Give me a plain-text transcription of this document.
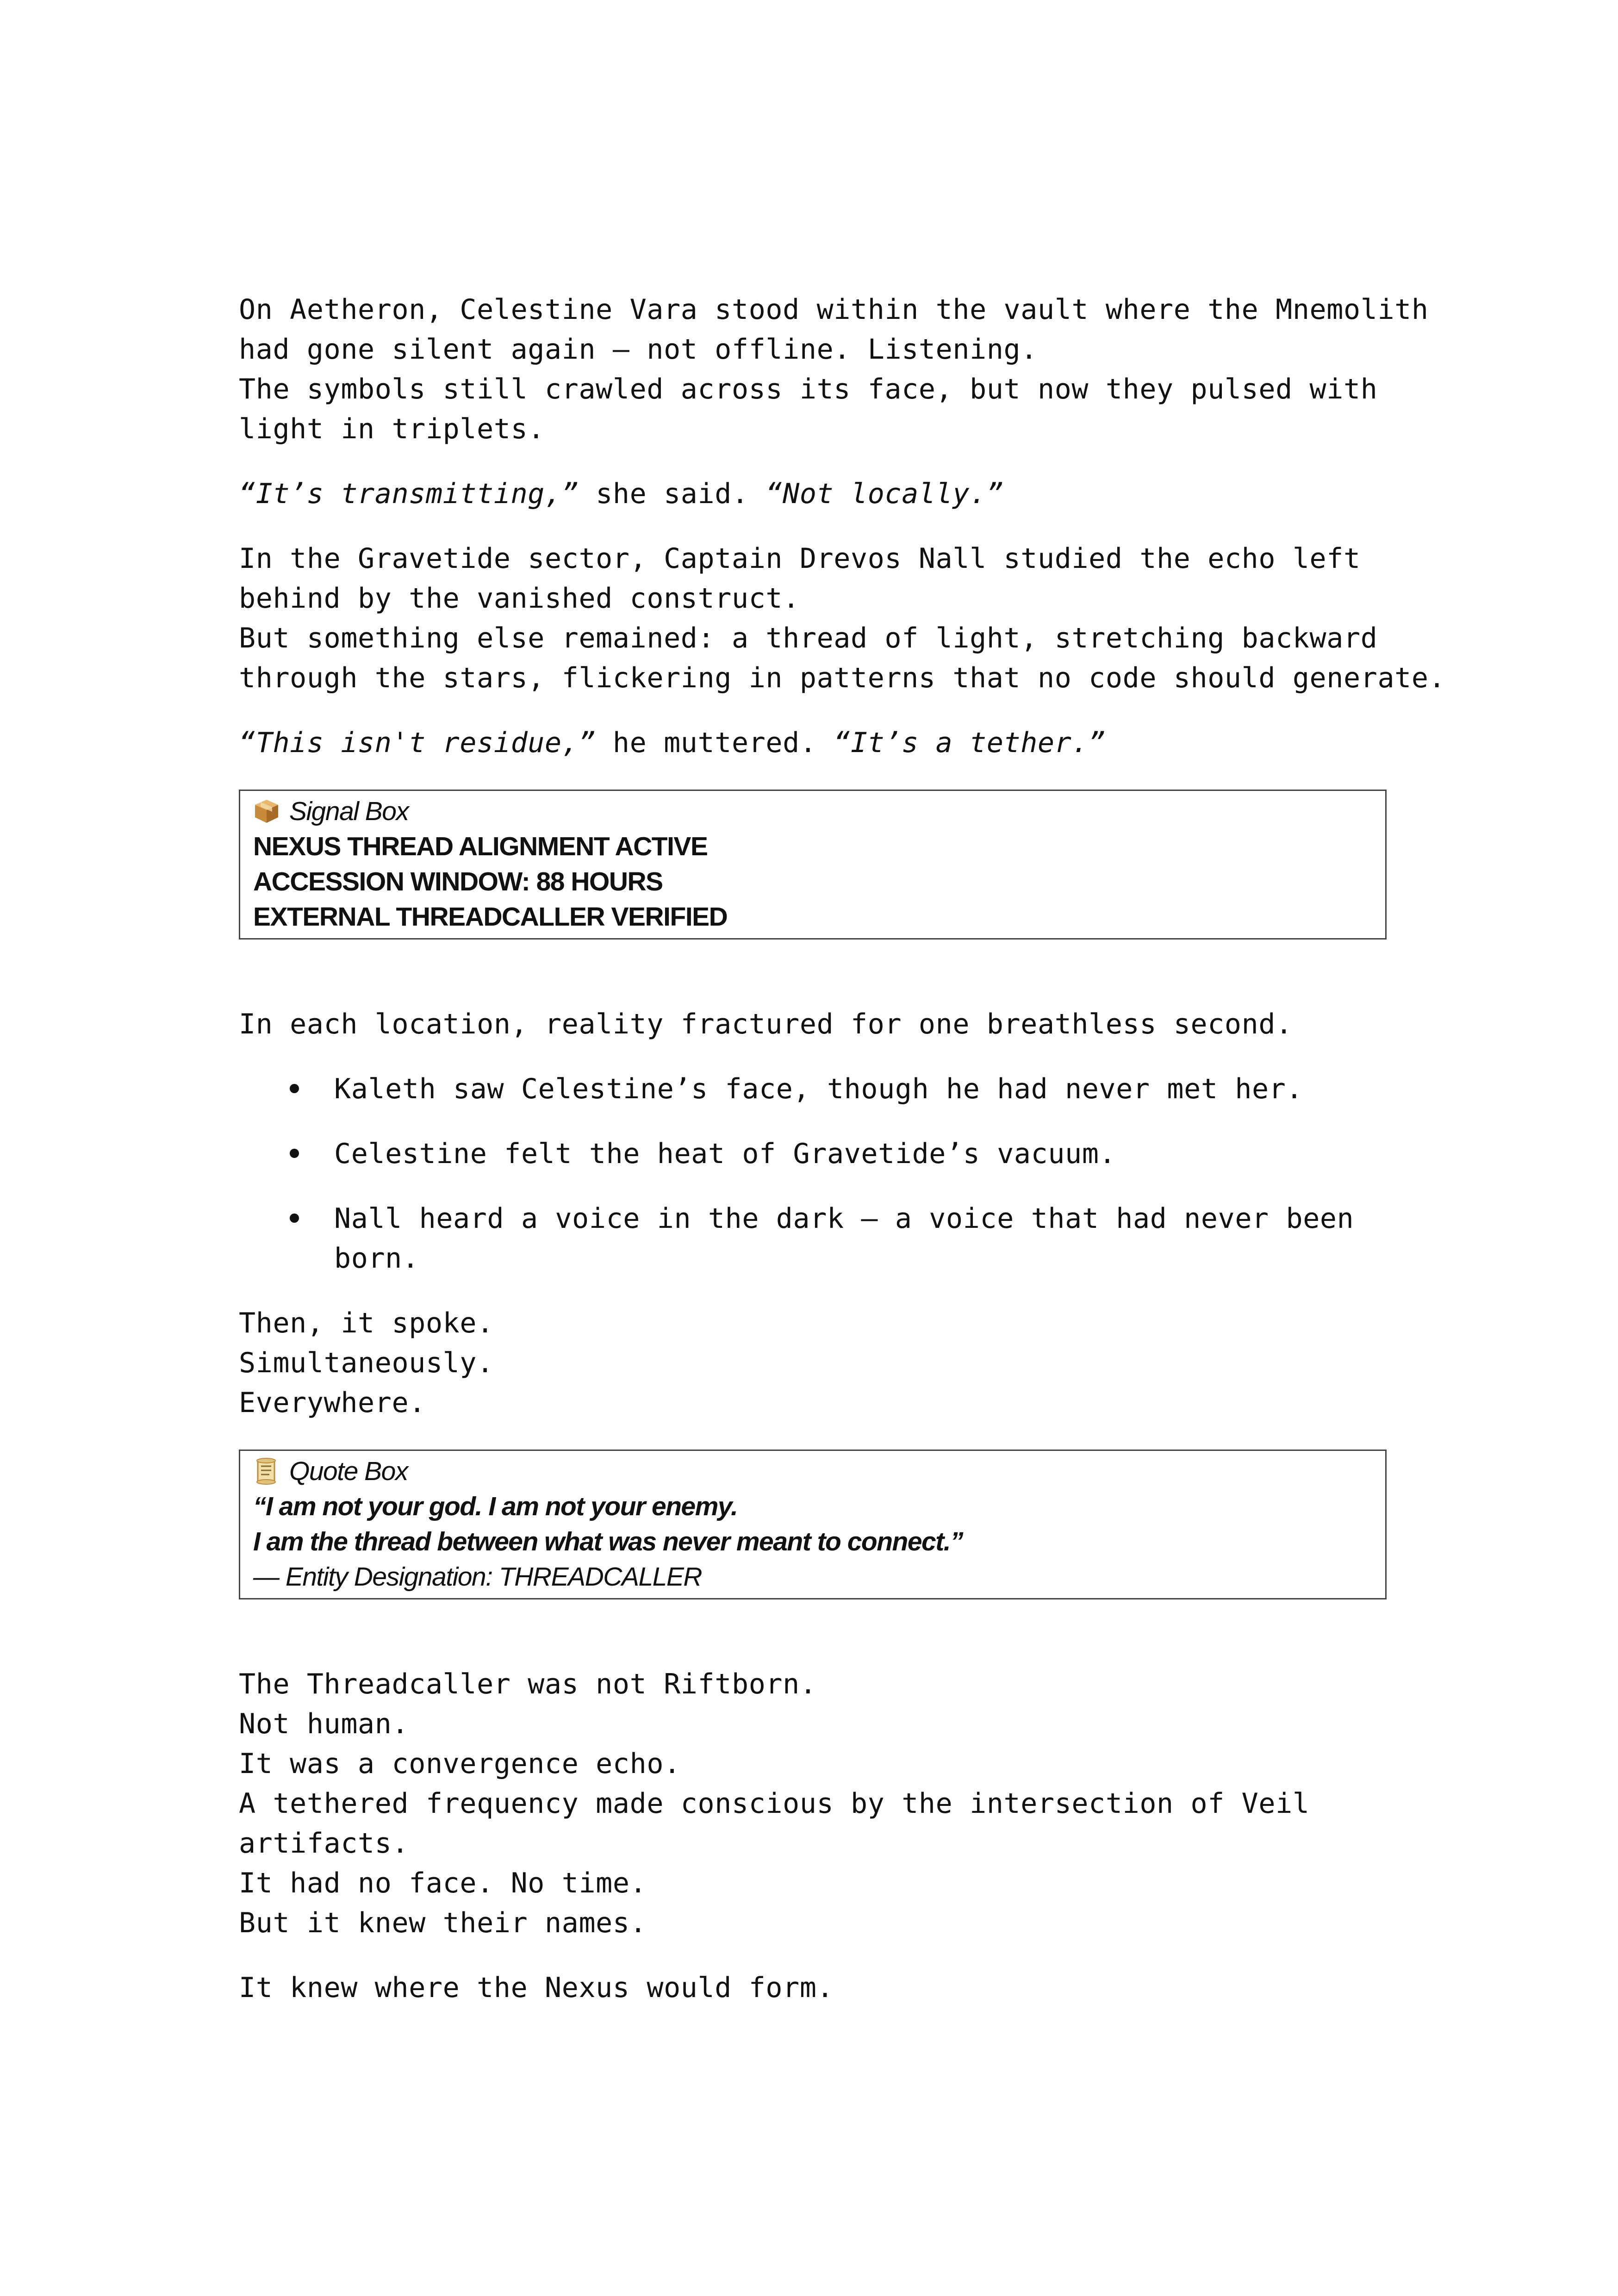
On Aetheron, Celestine Vara stood within the vault where the Mnemolith
had gone silent again — not offline. Listening.
The symbols still crawled across its face, but now they pulsed with
light in triplets.

“It’s transmitting,” she said. “Not locally.”

In the Gravetide sector, Captain Drevos Nall studied the echo left
behind by the vanished construct.
But something else remained: a thread of light, stretching backward
through the stars, flickering in patterns that no code should generate.

“This isn't residue,” he muttered. “It’s a tether.”

Signal Box
NEXUS THREAD ALIGNMENT ACTIVE
ACCESSION WINDOW: 88 HOURS
EXTERNAL THREADCALLER VERIFIED

In each location, reality fractured for one breathless second.

Kaleth saw Celestine’s face, though he had never met her.
Celestine felt the heat of Gravetide’s vacuum.
Nall heard a voice in the dark — a voice that had never been
born.

Then, it spoke.
Simultaneously.
Everywhere.

Quote Box
“I am not your god. I am not your enemy.
I am the thread between what was never meant to connect.”
— Entity Designation: THREADCALLER

The Threadcaller was not Riftborn.
Not human.
It was a convergence echo.
A tethered frequency made conscious by the intersection of Veil
artifacts.
It had no face. No time.
But it knew their names.

It knew where the Nexus would form.
